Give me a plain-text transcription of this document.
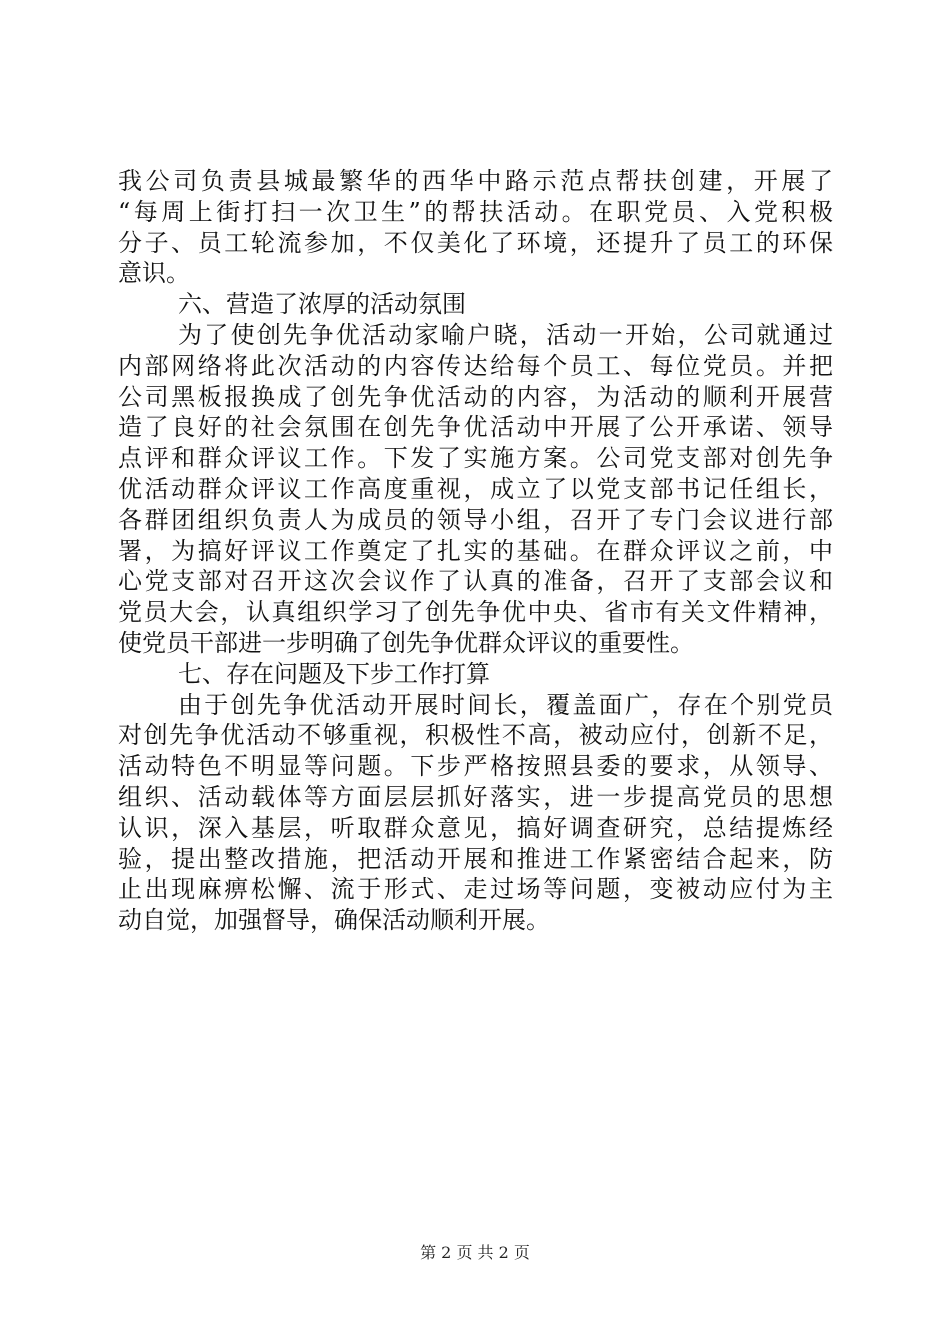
我公司负责县城最繁华的西华中路示范点帮扶创建，开展了
“每周上街打扫一次卫生”的帮扶活动。在职党员、入党积极
分子、员工轮流参加，不仅美化了环境，还提升了员工的环保
意识。
六、营造了浓厚的活动氛围
为了使创先争优活动家喻户晓，活动一开始，公司就通过
内部网络将此次活动的内容传达给每个员工、每位党员。并把
公司黑板报换成了创先争优活动的内容，为活动的顺利开展营
造了良好的社会氛围在创先争优活动中开展了公开承诺、领导
点评和群众评议工作。下发了实施方案。公司党支部对创先争
优活动群众评议工作高度重视，成立了以党支部书记任组长，
各群团组织负责人为成员的领导小组，召开了专门会议进行部
署，为搞好评议工作奠定了扎实的基础。在群众评议之前，中
心党支部对召开这次会议作了认真的准备，召开了支部会议和
党员大会，认真组织学习了创先争优中央、省市有关文件精神，
使党员干部进一步明确了创先争优群众评议的重要性。
七、存在问题及下步工作打算
由于创先争优活动开展时间长，覆盖面广，存在个别党员
对创先争优活动不够重视，积极性不高，被动应付，创新不足，
活动特色不明显等问题。下步严格按照县委的要求，从领导、
组织、活动载体等方面层层抓好落实，进一步提高党员的思想
认识，深入基层，听取群众意见，搞好调查研究，总结提炼经
验，提出整改措施，把活动开展和推进工作紧密结合起来，防
止出现麻痹松懈、流于形式、走过场等问题，变被动应付为主
动自觉，加强督导，确保活动顺利开展。
第 2 页 共 2 页
